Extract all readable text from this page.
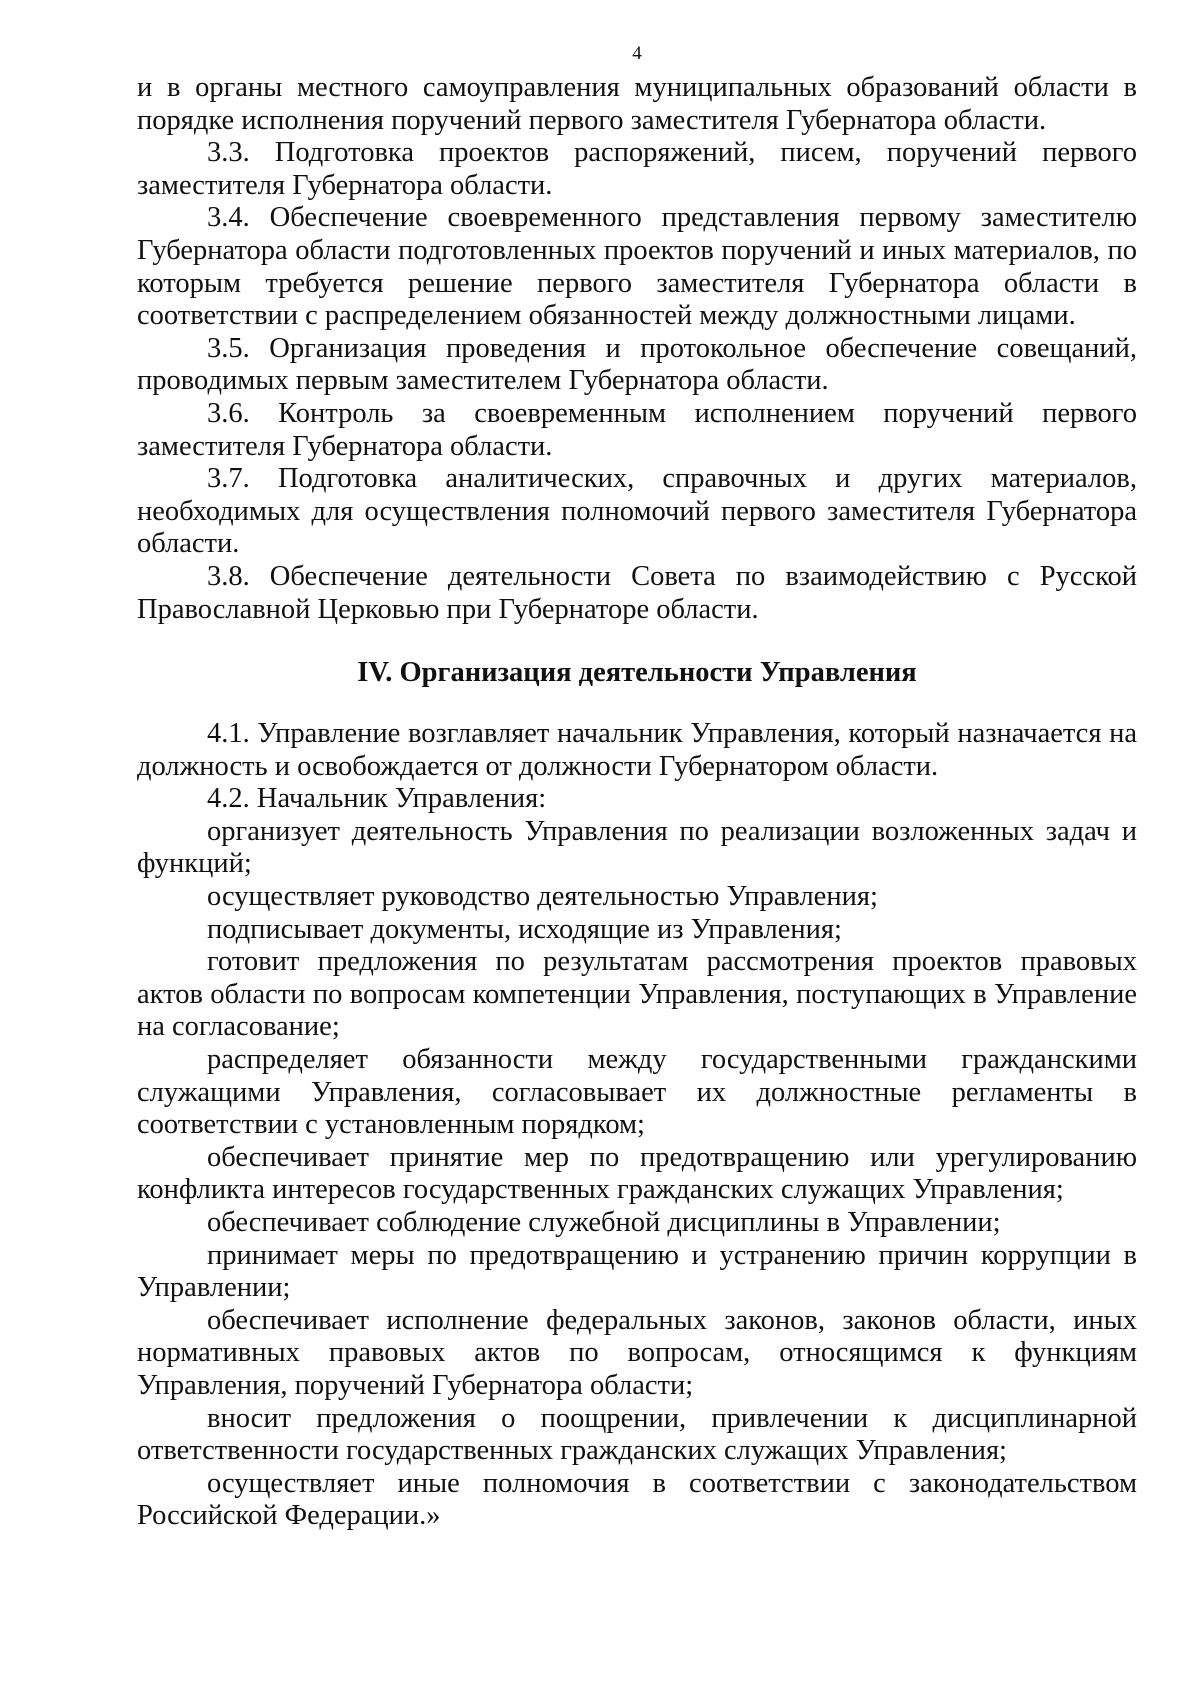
4

и в органы местного самоуправления муниципальных образований области в порядке исполнения поручений первого заместителя Губернатора области.

3.3. Подготовка проектов распоряжений, писем, поручений первого заместителя Губернатора области.

3.4. Обеспечение своевременного представления первому заместителю Губернатора области подготовленных проектов поручений и иных материалов, по которым требуется решение первого заместителя Губернатора области в соответствии с распределением обязанностей между должностными лицами.

3.5. Организация проведения и протокольное обеспечение совещаний, проводимых первым заместителем Губернатора области.

3.6. Контроль за своевременным исполнением поручений первого заместителя Губернатора области.

3.7. Подготовка аналитических, справочных и других материалов, необходимых для осуществления полномочий первого заместителя Губернатора области.

3.8. Обеспечение деятельности Совета по взаимодействию с Русской Православной Церковью при Губернаторе области.

IV. Организация деятельности Управления

4.1. Управление возглавляет начальник Управления, который назначается на должность и освобождается от должности Губернатором области.

4.2. Начальник Управления:

организует деятельность Управления по реализации возложенных задач и функций;

осуществляет руководство деятельностью Управления;

подписывает документы, исходящие из Управления;

готовит предложения по результатам рассмотрения проектов правовых актов области по вопросам компетенции Управления, поступающих в Управление на согласование;

распределяет обязанности между государственными гражданскими служащими Управления, согласовывает их должностные регламенты в соответствии с установленным порядком;

обеспечивает принятие мер по предотвращению или урегулированию конфликта интересов государственных гражданских служащих Управления;

обеспечивает соблюдение служебной дисциплины в Управлении;

принимает меры по предотвращению и устранению причин коррупции в Управлении;

обеспечивает исполнение федеральных законов, законов области, иных нормативных правовых актов по вопросам, относящимся к функциям Управления, поручений Губернатора области;

вносит предложения о поощрении, привлечении к дисциплинарной ответственности государственных гражданских служащих Управления;

осуществляет иные полномочия в соответствии с законодательством Российской Федерации.»
